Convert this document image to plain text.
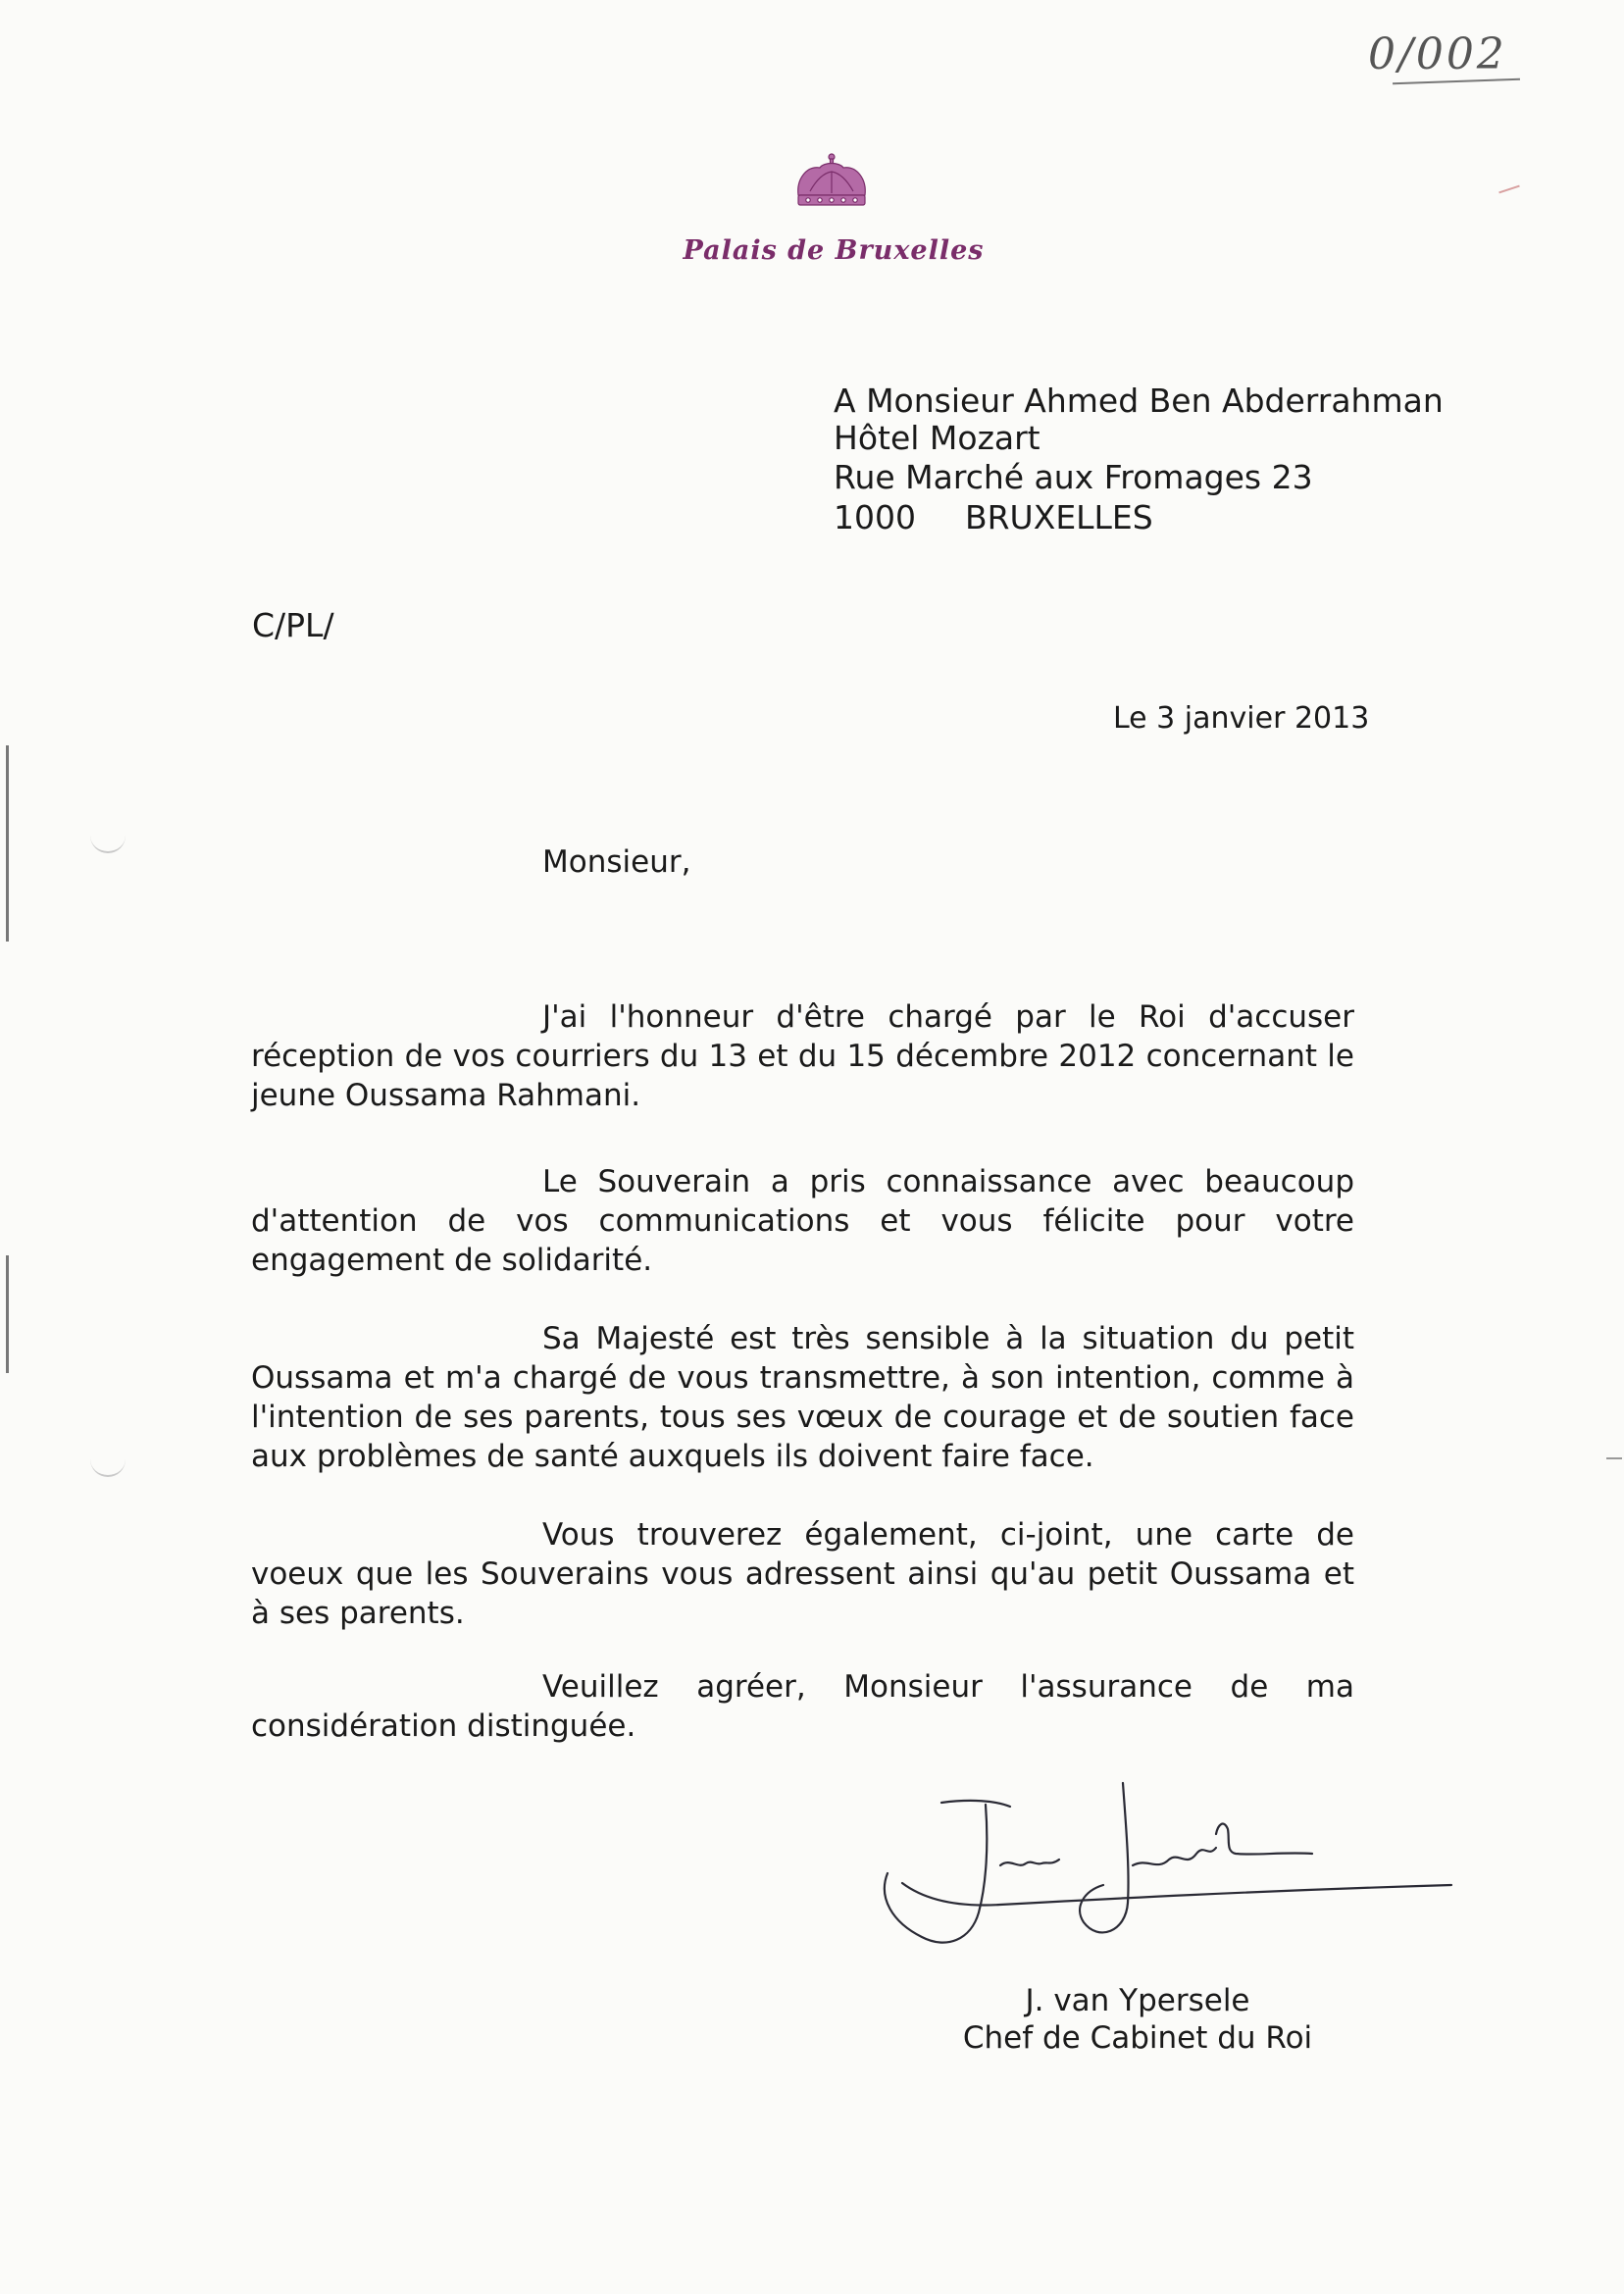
0/002
Palais de Bruxelles
A Monsieur Ahmed Ben Abderrahman
Hôtel Mozart
Rue Marché aux Fromages 23
1000 BRUXELLES
C/PL/
Le 3 janvier 2013
Monsieur,
J'ai l'honneur d'être chargé par le Roi d'accuser réception de vos courriers du 13 et du 15 décembre 2012 concernant le jeune Oussama Rahmani.
Le Souverain a pris connaissance avec beaucoup d'attention de vos communications et vous félicite pour votre engagement de solidarité.
Sa Majesté est très sensible à la situation du petit Oussama et m'a chargé de vous transmettre, à son intention, comme à l'intention de ses parents, tous ses vœux de courage et de soutien face aux problèmes de santé auxquels ils doivent faire face.
Vous trouverez également, ci-joint, une carte de voeux que les Souverains vous adressent ainsi qu'au petit Oussama et à ses parents.
Veuillez agréer, Monsieur l'assurance de ma considération distinguée.
J. van Ypersele
Chef de Cabinet du Roi
